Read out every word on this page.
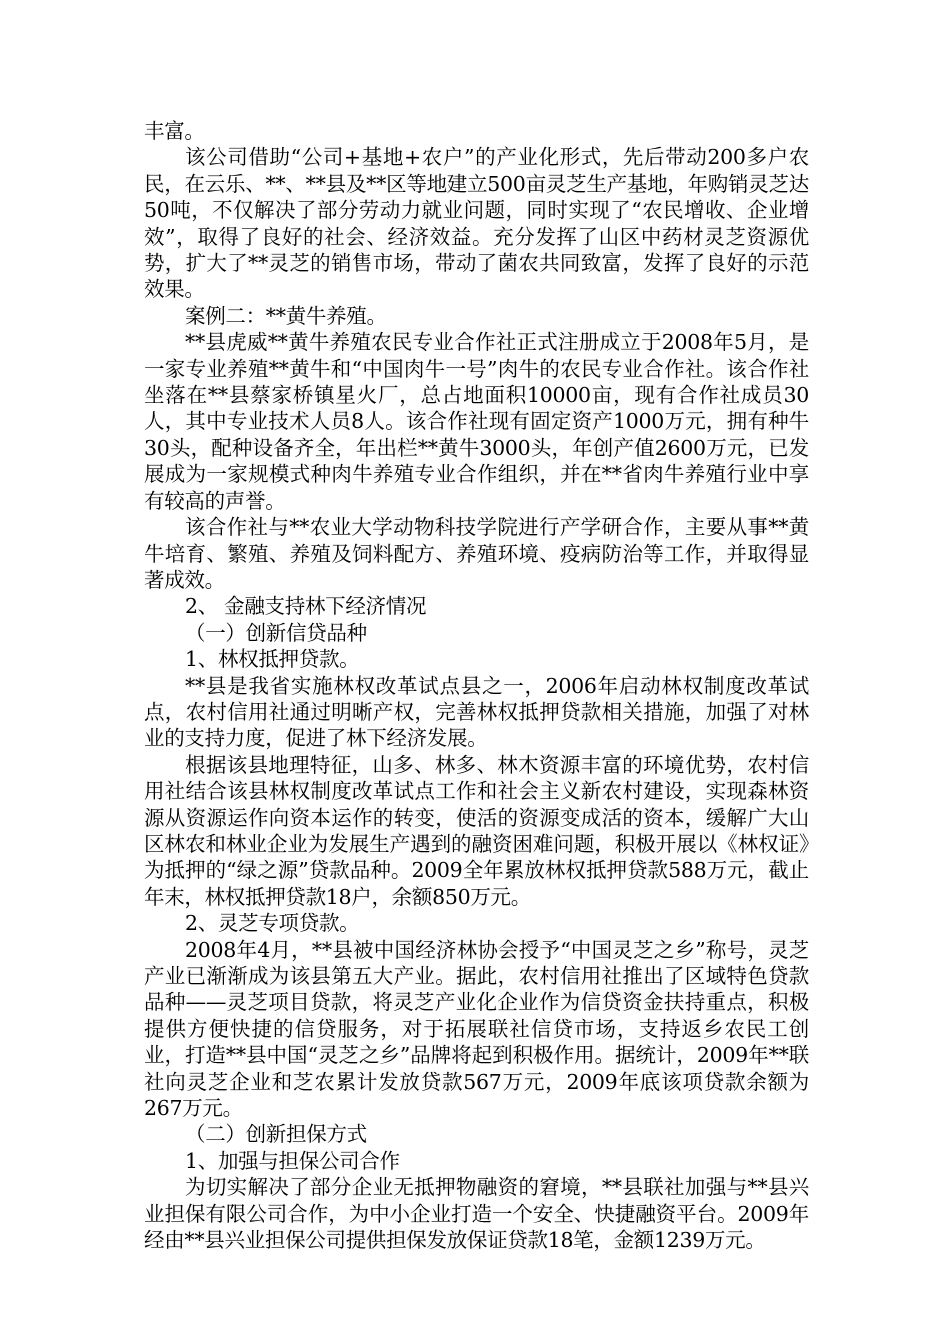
丰富。

该公司借助“公司+基地+农户”的产业化形式，先后带动200多户农民，在云乐、**、**县及**区等地建立500亩灵芝生产基地，年购销灵芝达50吨，不仅解决了部分劳动力就业问题，同时实现了“农民增收、企业增效”，取得了良好的社会、经济效益。充分发挥了山区中药材灵芝资源优势，扩大了**灵芝的销售市场，带动了菌农共同致富，发挥了良好的示范效果。

案例二：**黄牛养殖。

**县虎威**黄牛养殖农民专业合作社正式注册成立于2008年5月，是一家专业养殖**黄牛和“中国肉牛一号”肉牛的农民专业合作社。该合作社坐落在**县蔡家桥镇星火厂，总占地面积10000亩，现有合作社成员30人，其中专业技术人员8人。该合作社现有固定资产1000万元，拥有种牛30头，配种设备齐全，年出栏**黄牛3000头，年创产值2600万元，已发展成为一家规模式种肉牛养殖专业合作组织，并在**省肉牛养殖行业中享有较高的声誉。

该合作社与**农业大学动物科技学院进行产学研合作，主要从事**黄牛培育、繁殖、养殖及饲料配方、养殖环境、疫病防治等工作，并取得显著成效。

2、 金融支持林下经济情况

（一）创新信贷品种

1、林权抵押贷款。

**县是我省实施林权改革试点县之一，2006年启动林权制度改革试点，农村信用社通过明晰产权，完善林权抵押贷款相关措施，加强了对林业的支持力度，促进了林下经济发展。

根据该县地理特征，山多、林多、林木资源丰富的环境优势，农村信用社结合该县林权制度改革试点工作和社会主义新农村建设，实现森林资源从资源运作向资本运作的转变，使活的资源变成活的资本，缓解广大山区林农和林业企业为发展生产遇到的融资困难问题，积极开展以《林权证》为抵押的“绿之源”贷款品种。2009全年累放林权抵押贷款588万元，截止年末，林权抵押贷款18户，余额850万元。

2、灵芝专项贷款。

2008年4月，**县被中国经济林协会授予“中国灵芝之乡”称号，灵芝产业已渐渐成为该县第五大产业。据此，农村信用社推出了区域特色贷款品种——灵芝项目贷款，将灵芝产业化企业作为信贷资金扶持重点，积极提供方便快捷的信贷服务，对于拓展联社信贷市场，支持返乡农民工创业，打造**县中国“灵芝之乡”品牌将起到积极作用。据统计，2009年**联社向灵芝企业和芝农累计发放贷款567万元，2009年底该项贷款余额为267万元。

（二）创新担保方式

1、加强与担保公司合作

为切实解决了部分企业无抵押物融资的窘境，**县联社加强与**县兴业担保有限公司合作，为中小企业打造一个安全、快捷融资平台。2009年经由**县兴业担保公司提供担保发放保证贷款18笔，金额1239万元。
